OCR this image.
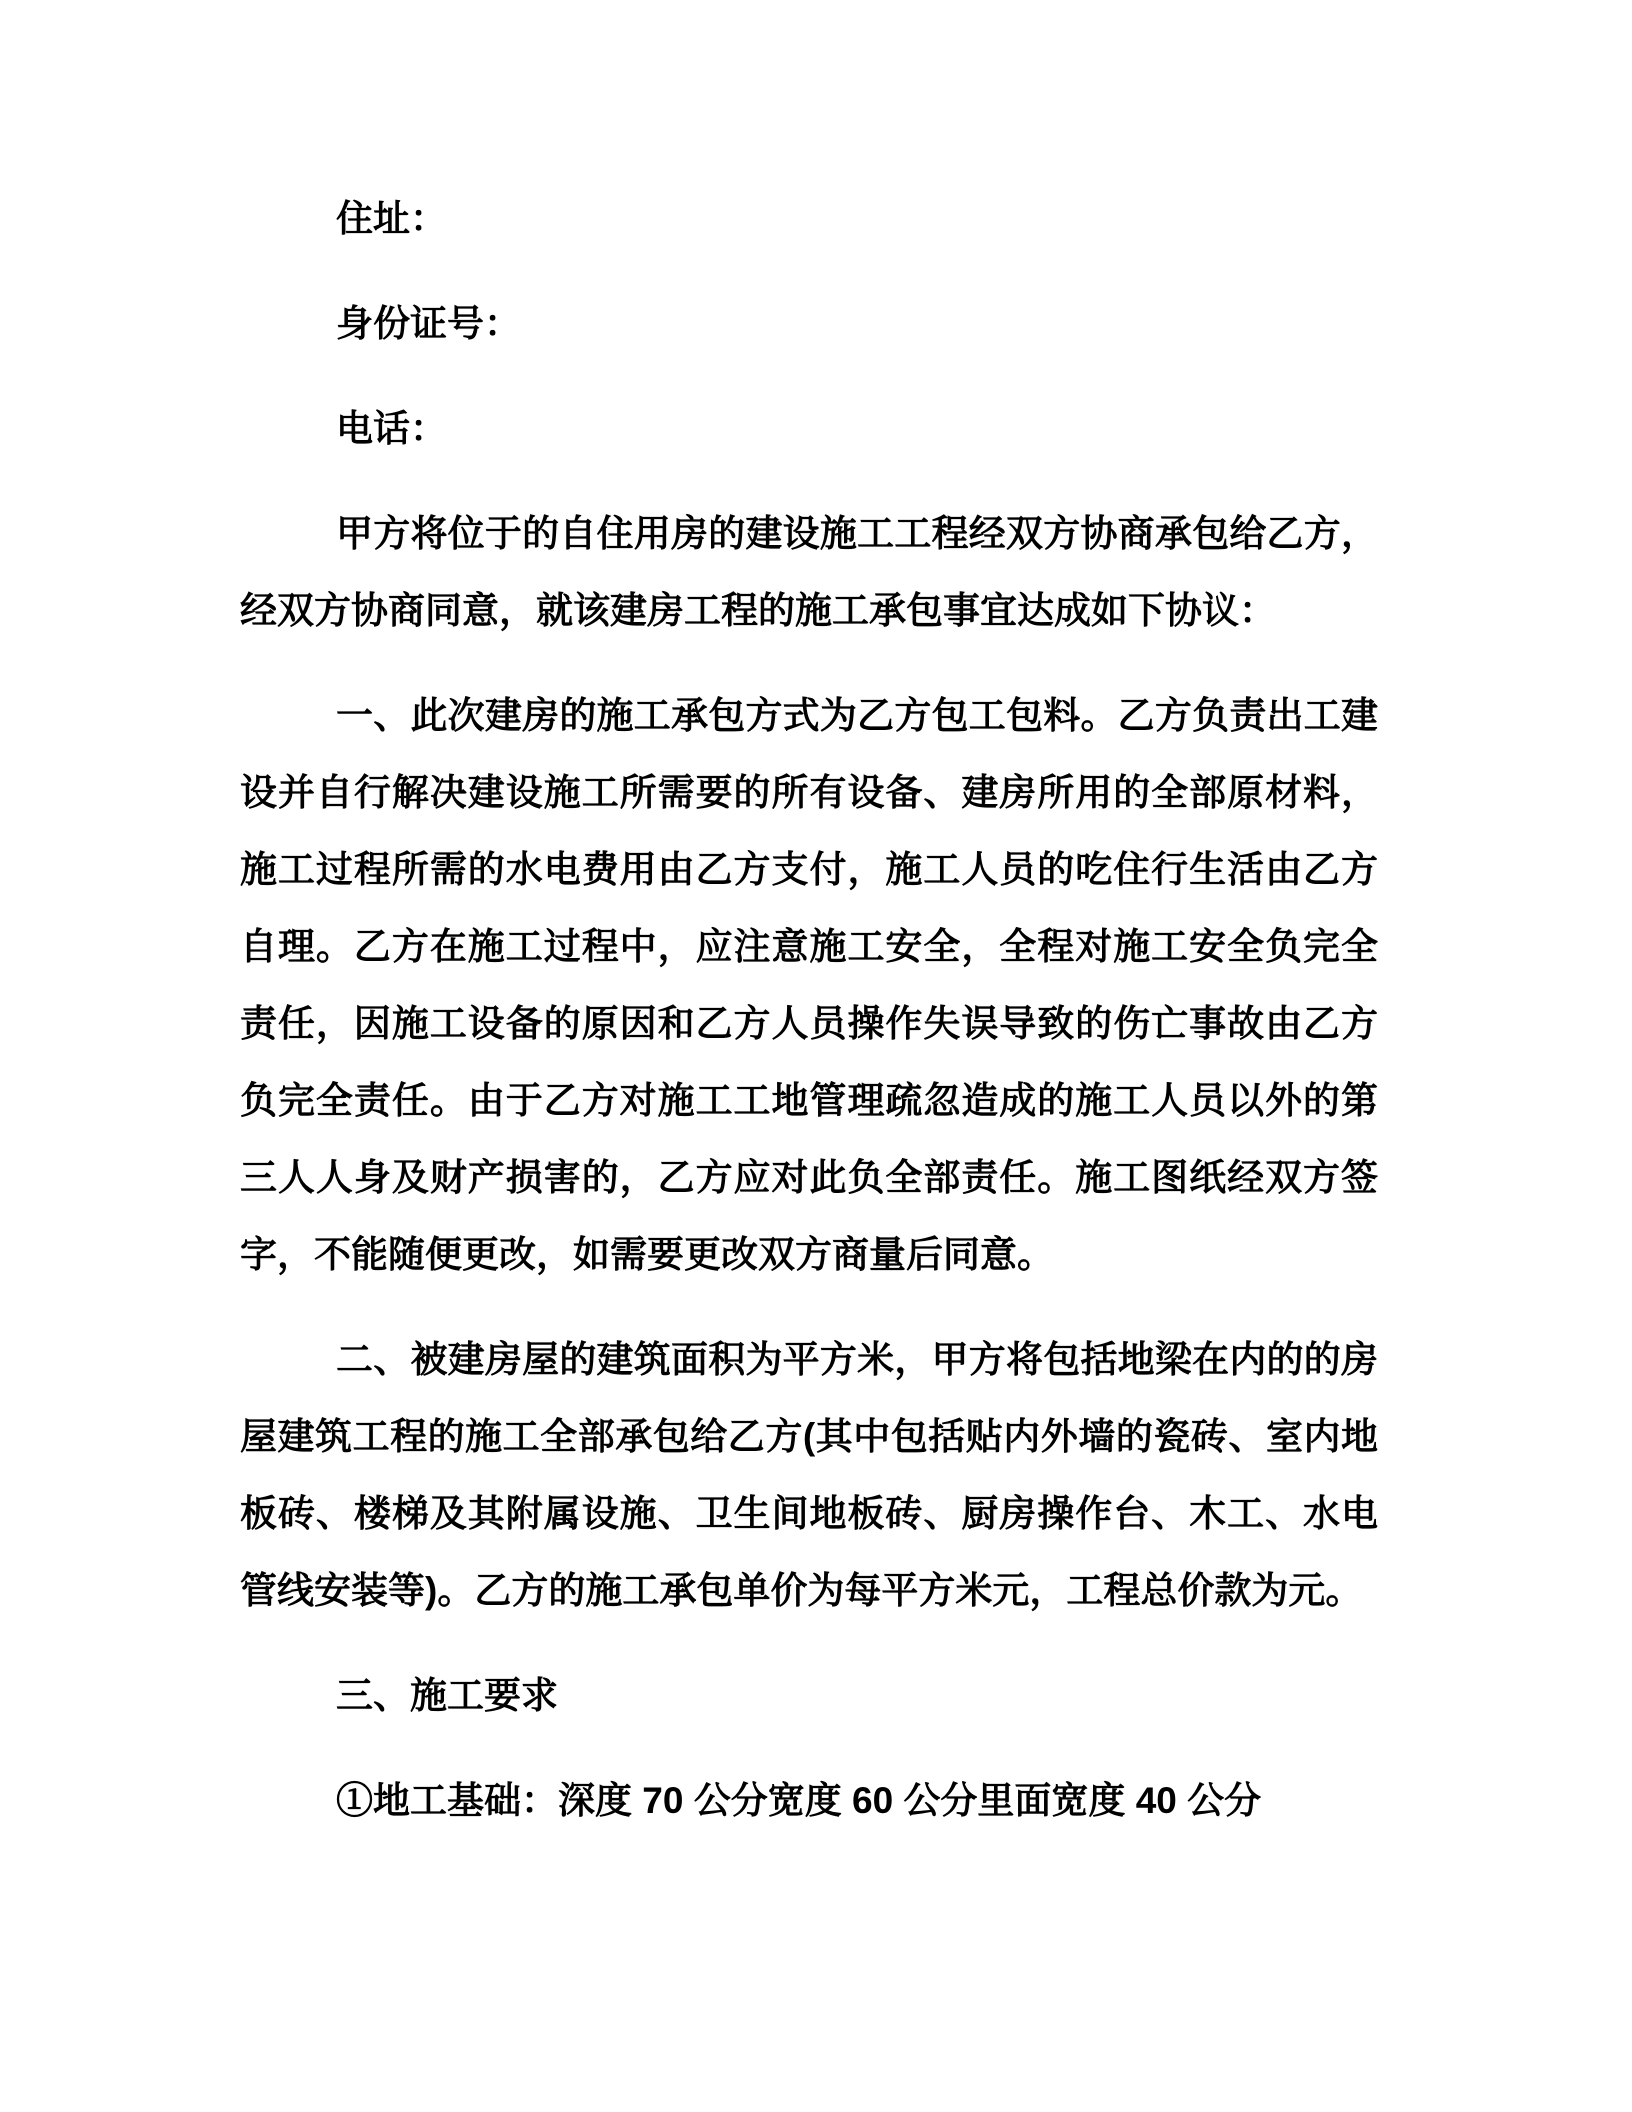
住址：
身份证号：
电话：
甲方将位于的自住用房的建设施工工程经双方协商承包给乙方，
经双方协商同意，就该建房工程的施工承包事宜达成如下协议：
一、此次建房的施工承包方式为乙方包工包料。乙方负责出工建
设并自行解决建设施工所需要的所有设备、建房所用的全部原材料，
施工过程所需的水电费用由乙方支付，施工人员的吃住行生活由乙方
自理。乙方在施工过程中，应注意施工安全，全程对施工安全负完全
责任，因施工设备的原因和乙方人员操作失误导致的伤亡事故由乙方
负完全责任。由于乙方对施工工地管理疏忽造成的施工人员以外的第
三人人身及财产损害的，乙方应对此负全部责任。施工图纸经双方签
字，不能随便更改，如需要更改双方商量后同意。
二、被建房屋的建筑面积为平方米，甲方将包括地梁在内的的房
屋建筑工程的施工全部承包给乙方(其中包括贴内外墙的瓷砖、室内地
板砖、楼梯及其附属设施、卫生间地板砖、厨房操作台、木工、水电
管线安装等)。乙方的施工承包单价为每平方米元，工程总价款为元。
三、施工要求
①地工基础：深度 70 公分宽度 60 公分里面宽度 40 公分
